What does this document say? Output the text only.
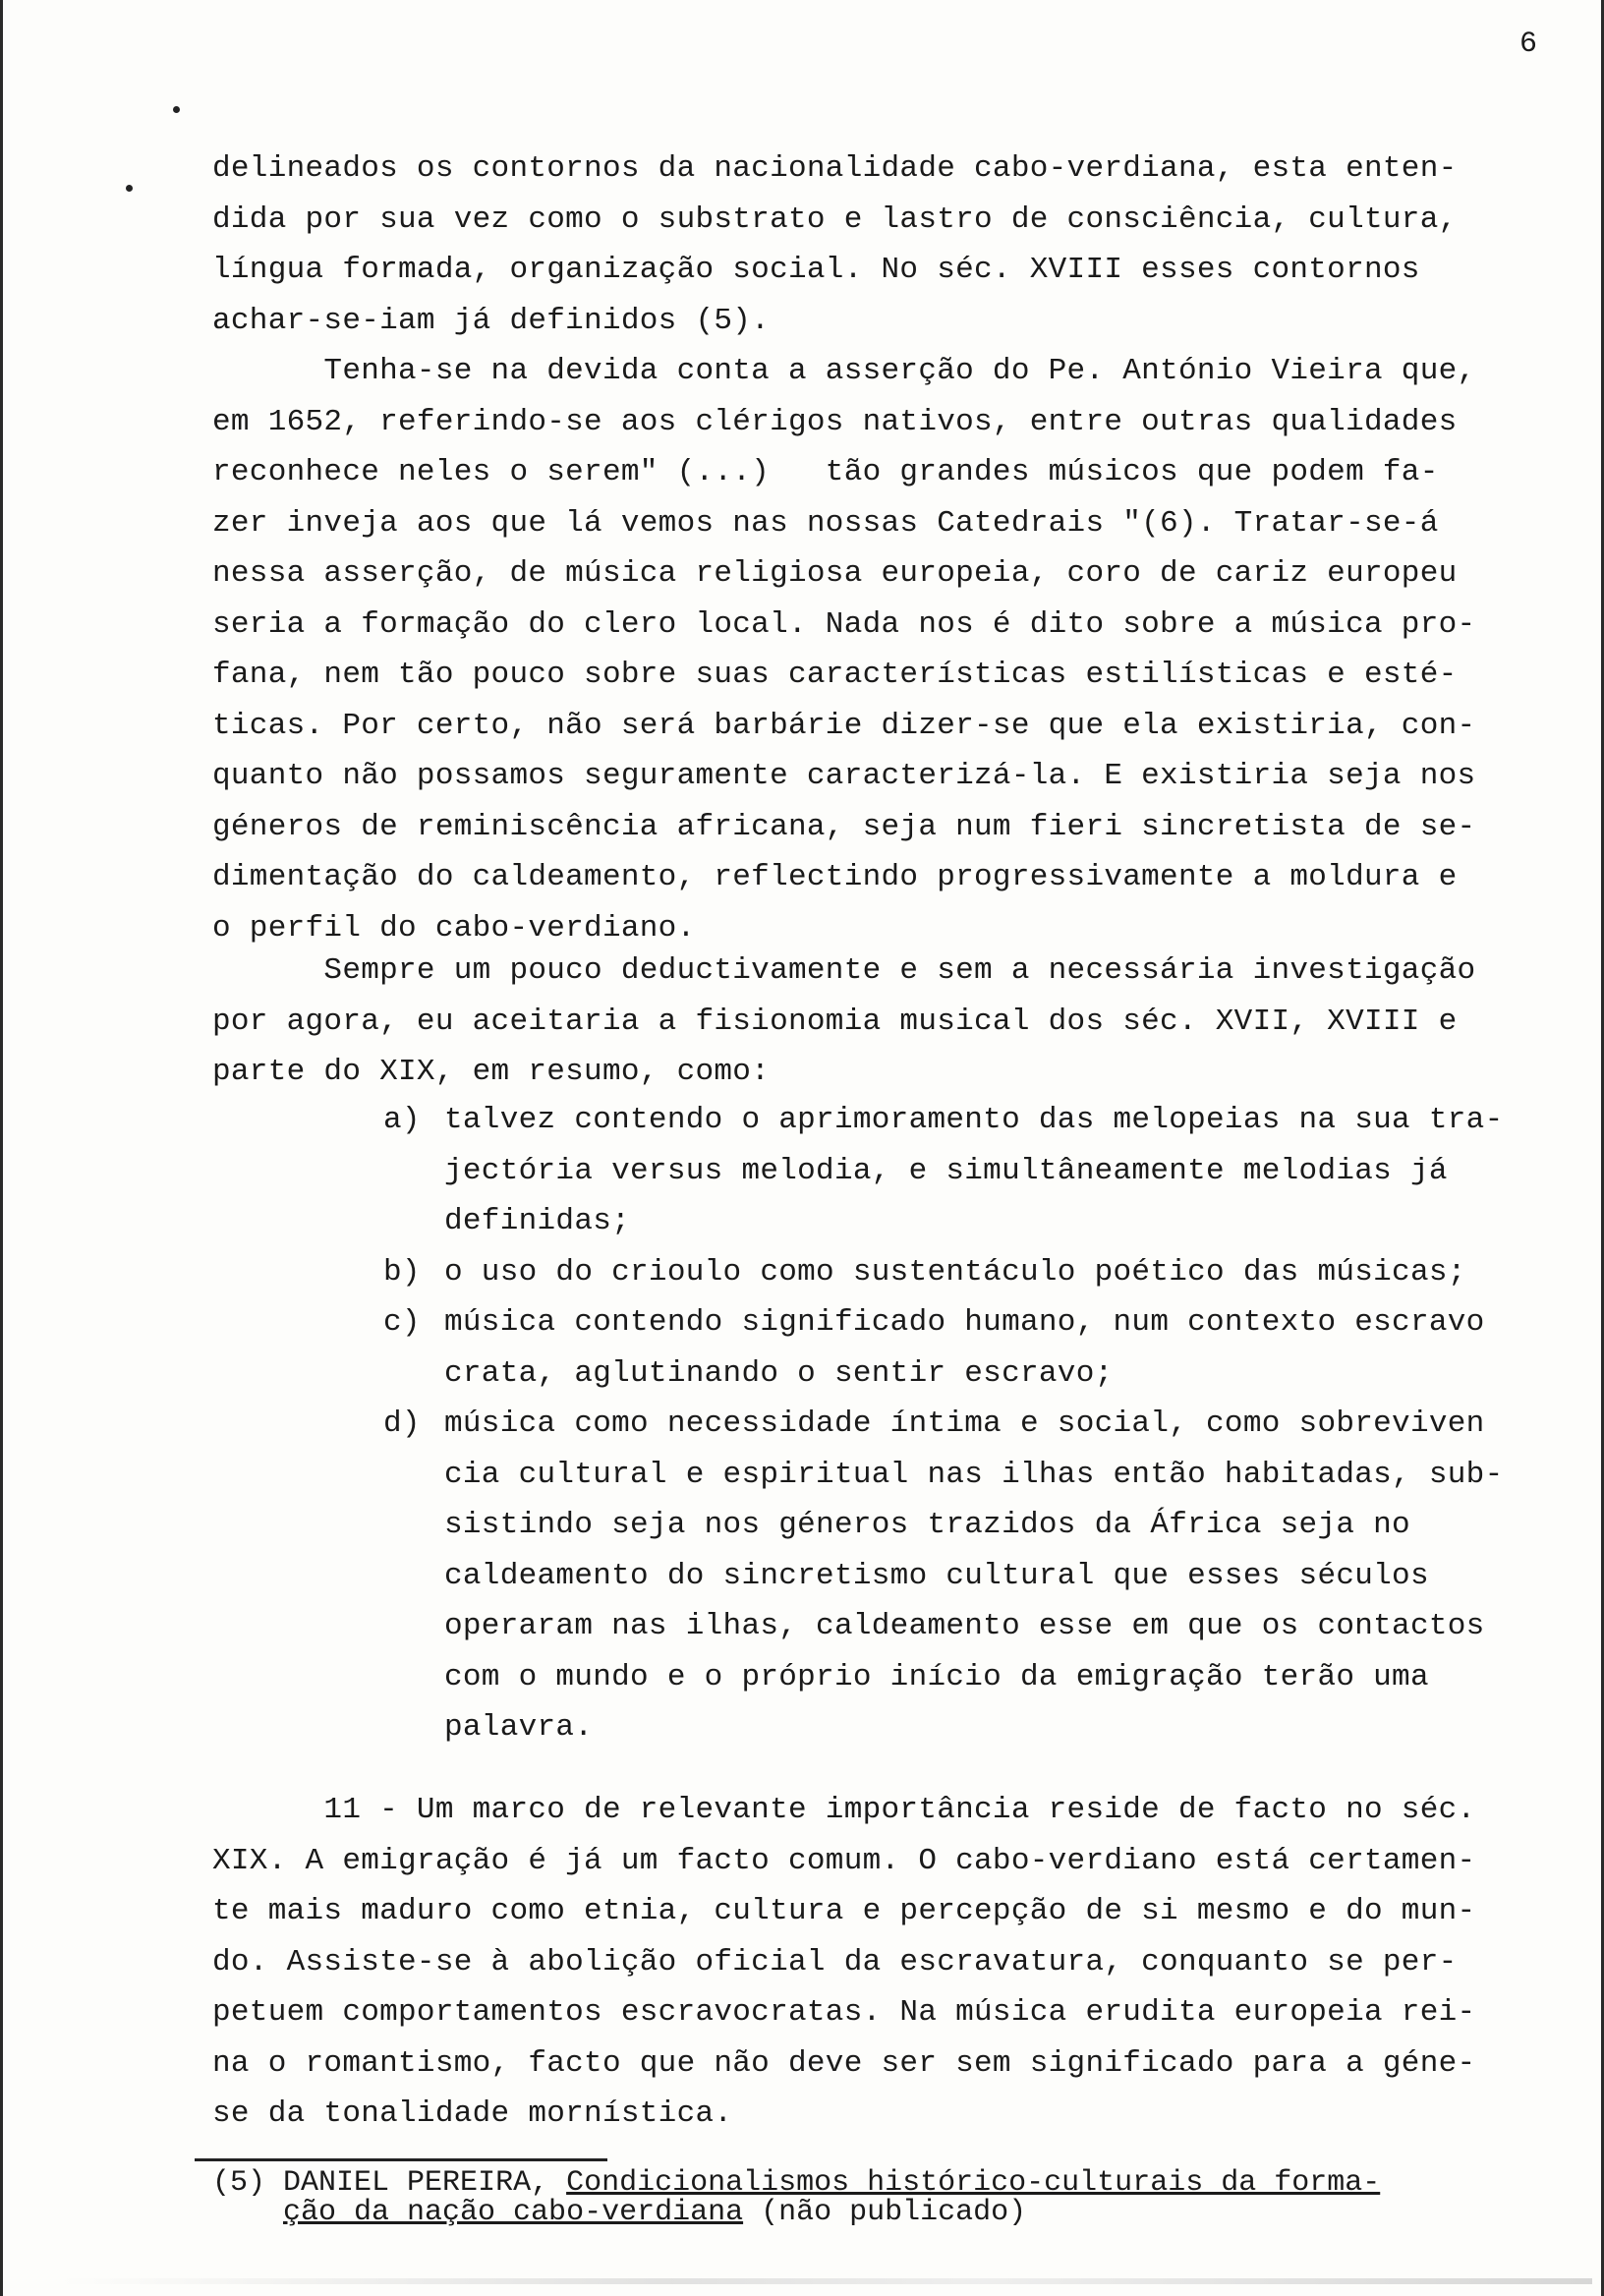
6
delineados os contornos da nacionalidade cabo-verdiana, esta enten-
dida por sua vez como o substrato e lastro de consciência, cultura,
língua formada, organização social. No séc. XVIII esses contornos
achar-se-iam já definidos (5).
Tenha-se na devida conta a asserção do Pe. António Vieira que,
em 1652, referindo-se aos clérigos nativos, entre outras qualidades
reconhece neles o serem" (...)   tão grandes músicos que podem fa-
zer inveja aos que lá vemos nas nossas Catedrais "(6). Tratar-se-á
nessa asserção, de música religiosa europeia, coro de cariz europeu
seria a formação do clero local. Nada nos é dito sobre a música pro-
fana, nem tão pouco sobre suas características estilísticas e esté-
ticas. Por certo, não será barbárie dizer-se que ela existiria, con-
quanto não possamos seguramente caracterizá-la. E existiria seja nos
géneros de reminiscência africana, seja num fieri sincretista de se-
dimentação do caldeamento, reflectindo progressivamente a moldura e
o perfil do cabo-verdiano.
Sempre um pouco deductivamente e sem a necessária investigação
por agora, eu aceitaria a fisionomia musical dos séc. XVII, XVIII e
parte do XIX, em resumo, como:
a) talvez contendo o aprimoramento das melopeias na sua tra-
jectória versus melodia, e simultâneamente melodias já
definidas;
b) o uso do crioulo como sustentáculo poético das músicas;
c) música contendo significado humano, num contexto escravo
crata, aglutinando o sentir escravo;
d) música como necessidade íntima e social, como sobreviven
cia cultural e espiritual nas ilhas então habitadas, sub-
sistindo seja nos géneros trazidos da África seja no
caldeamento do sincretismo cultural que esses séculos
operaram nas ilhas, caldeamento esse em que os contactos
com o mundo e o próprio início da emigração terão uma
palavra.
11 - Um marco de relevante importância reside de facto no séc.
XIX. A emigração é já um facto comum. O cabo-verdiano está certamen-
te mais maduro como etnia, cultura e percepção de si mesmo e do mun-
do. Assiste-se à abolição oficial da escravatura, conquanto se per-
petuem comportamentos escravocratas. Na música erudita europeia rei-
na o romantismo, facto que não deve ser sem significado para a géne-
se da tonalidade mornística.
(5) DANIEL PEREIRA, Condicionalismos histórico-culturais da forma-
ção da nação cabo-verdiana (não publicado)
